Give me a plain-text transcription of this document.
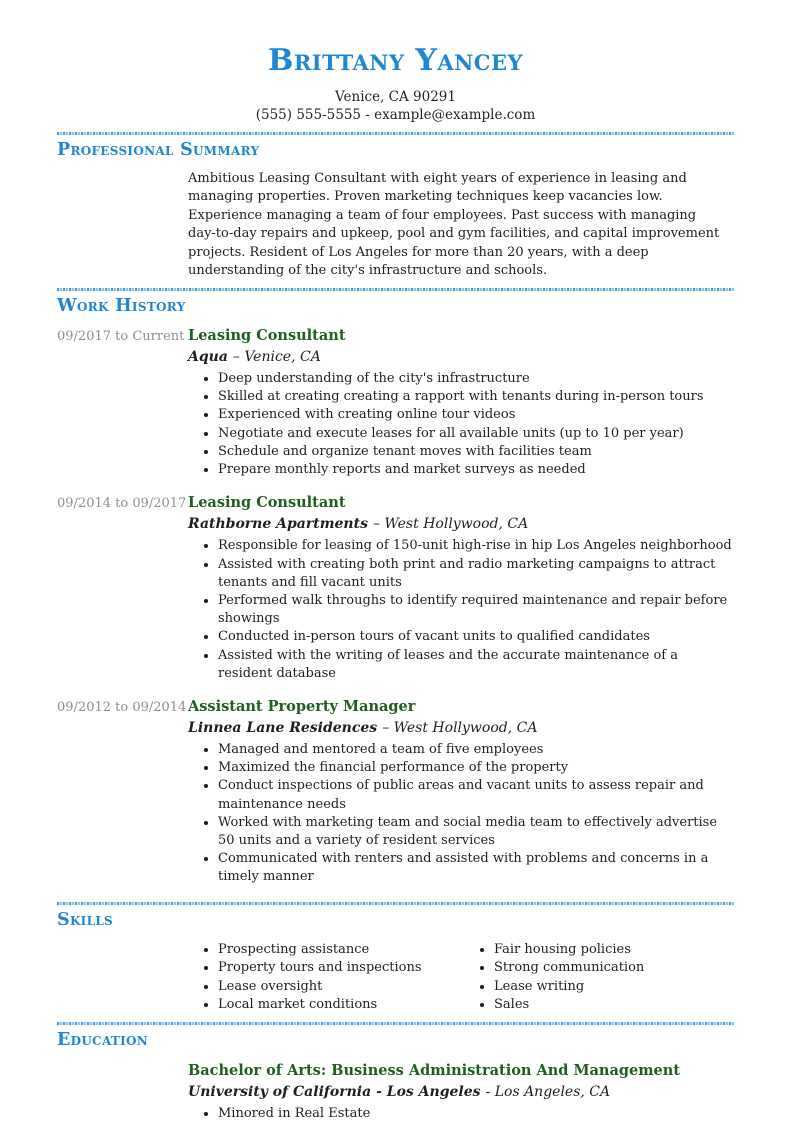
Brittany Yancey
Venice, CA 90291
(555) 555-5555 - example@example.com
Professional Summary

Ambitious Leasing Consultant with eight years of experience in leasing and managing properties. Proven marketing techniques keep vacancies low. Experience managing a team of four employees. Past success with managing day-to-day repairs and upkeep, pool and gym facilities, and capital improvement projects. Resident of Los Angeles for more than 20 years, with a deep understanding of the city's infrastructure and schools.

Work History
09/2017 to Current Leasing Consultant
Aqua – Venice, CA
• Deep understanding of the city's infrastructure
• Skilled at creating creating a rapport with tenants during in-person tours
• Experienced with creating online tour videos
• Negotiate and execute leases for all available units (up to 10 per year)
• Schedule and organize tenant moves with facilities team
• Prepare monthly reports and market surveys as needed
09/2014 to 09/2017 Leasing Consultant
Rathborne Apartments – West Hollywood, CA
• Responsible for leasing of 150-unit high-rise in hip Los Angeles neighborhood
• Assisted with creating both print and radio marketing campaigns to attract tenants and fill vacant units
• Performed walk throughs to identify required maintenance and repair before showings
• Conducted in-person tours of vacant units to qualified candidates
• Assisted with the writing of leases and the accurate maintenance of a resident database
09/2012 to 09/2014 Assistant Property Manager
Linnea Lane Residences – West Hollywood, CA
• Managed and mentored a team of five employees
• Maximized the financial performance of the property
• Conduct inspections of public areas and vacant units to assess repair and maintenance needs
• Worked with marketing team and social media team to effectively advertise 50 units and a variety of resident services
• Communicated with renters and assisted with problems and concerns in a timely manner
Skills
• Prospecting assistance
• Property tours and inspections
• Lease oversight
• Local market conditions
• Fair housing policies
• Strong communication
• Lease writing
• Sales
Education
Bachelor of Arts: Business Administration And Management
University of California - Los Angeles - Los Angeles, CA
• Minored in Real Estate
